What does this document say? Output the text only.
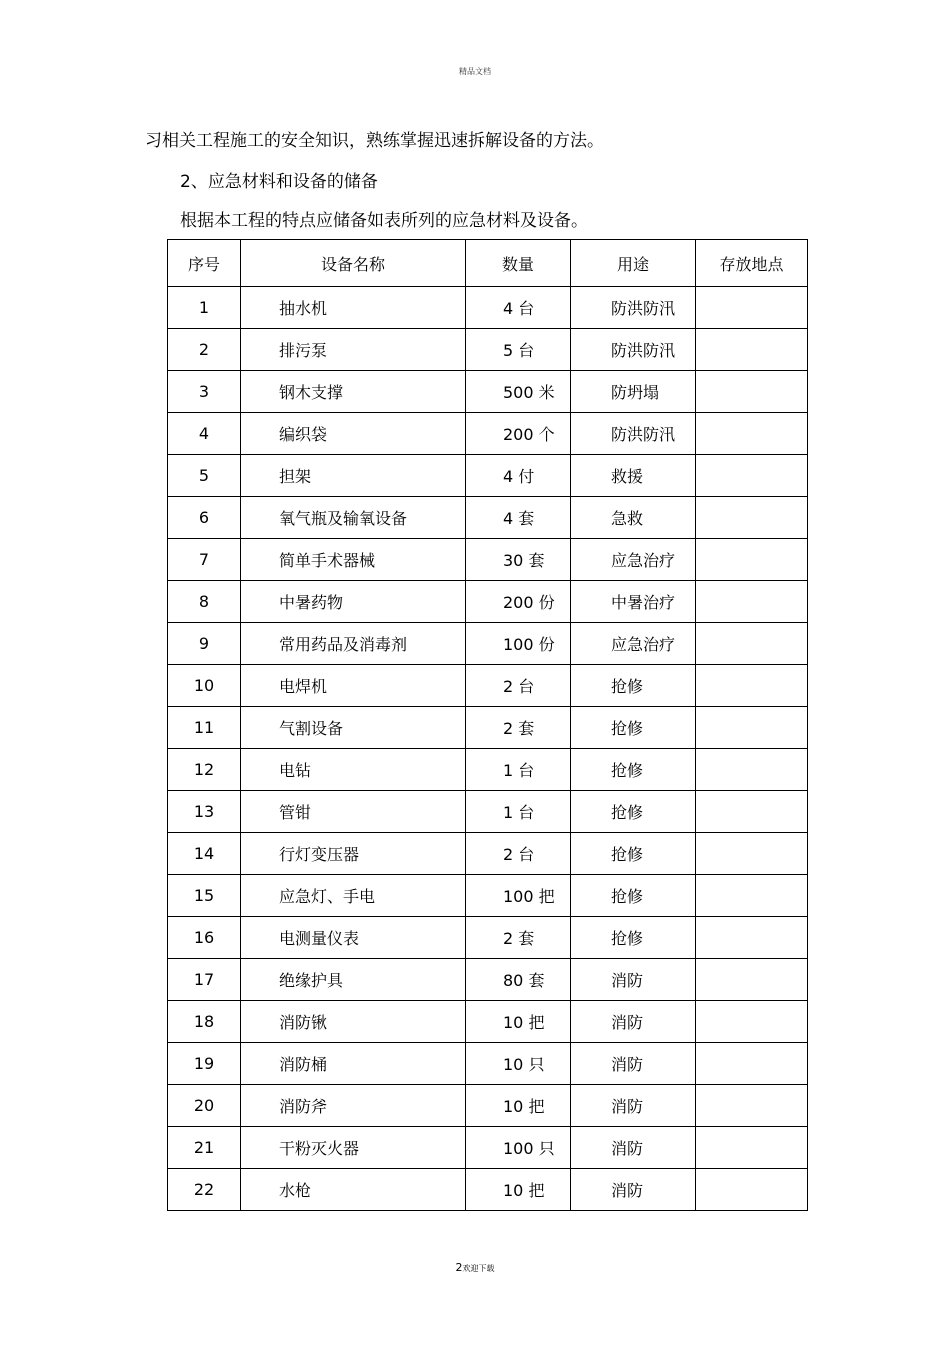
精品文档
习相关工程施工的安全知识，熟练掌握迅速拆解设备的方法。
2、应急材料和设备的储备
根据本工程的特点应储备如表所列的应急材料及设备。
序号	设备名称	数量	用途	存放地点
1	抽水机	4 台	防洪防汛	
2	排污泵	5 台	防洪防汛	
3	钢木支撑	500 米	防坍塌	
4	编织袋	200 个	防洪防汛	
5	担架	4 付	救援	
6	氧气瓶及输氧设备	4 套	急救	
7	简单手术器械	30 套	应急治疗	
8	中暑药物	200 份	中暑治疗	
9	常用药品及消毒剂	100 份	应急治疗	
10	电焊机	2 台	抢修	
11	气割设备	2 套	抢修	
12	电钻	1 台	抢修	
13	管钳	1 台	抢修	
14	行灯变压器	2 台	抢修	
15	应急灯、手电	100 把	抢修	
16	电测量仪表	2 套	抢修	
17	绝缘护具	80 套	消防	
18	消防锹	10 把	消防	
19	消防桶	10 只	消防	
20	消防斧	10 把	消防	
21	干粉灭火器	100 只	消防	
22	水枪	10 把	消防	
2欢迎下载
